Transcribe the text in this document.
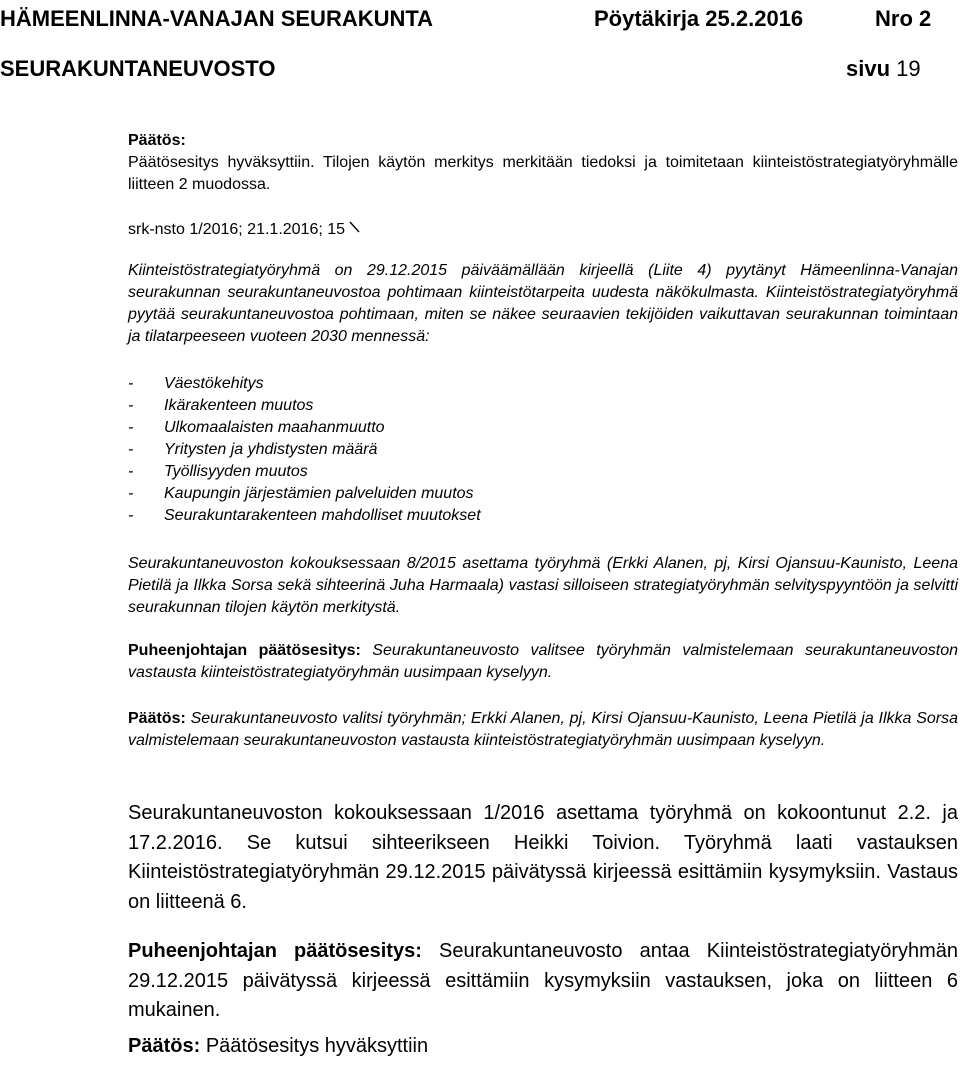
HÄMEENLINNA-VANAJAN SEURAKUNTA	Pöytäkirja 25.2.2016	Nro 2
SEURAKUNTANEUVOSTO	sivu 19

Päätös:

Päätösesitys hyväksyttiin. Tilojen käytön merkitys merkitään tiedoksi ja toimitetaan kiinteistöstrategiatyöryhmälle liitteen 2 muodossa.

srk-nsto 1/2016; 21.1.2016; 15
Kiinteistöstrategiatyöryhmä on 29.12.2015 päiväämällään kirjeellä (Liite 4) pyytänyt Hämeenlinna-Vanajan seurakunnan seurakuntaneuvostoa pohtimaan kiinteistötarpeita uudesta näkökulmasta. Kiinteistöstrategiatyöryhmä pyytää seurakuntaneuvostoa pohtimaan, miten se näkee seuraavien tekijöiden vaikuttavan seurakunnan toimintaan ja tilatarpeeseen vuoteen 2030 mennessä:
- Väestökehitys
- Ikärakenteen muutos
- Ulkomaalaisten maahanmuutto
- Yritysten ja yhdistysten määrä
- Työllisyyden muutos
- Kaupungin järjestämien palveluiden muutos
- Seurakuntarakenteen mahdolliset muutokset
Seurakuntaneuvoston kokouksessaan 8/2015 asettama työryhmä (Erkki Alanen, pj, Kirsi Ojansuu-Kaunisto, Leena Pietilä ja Ilkka Sorsa sekä sihteerinä Juha Harmaala) vastasi silloiseen strategiatyöryhmän selvityspyyntöön ja selvitti seurakunnan tilojen käytön merkitystä.
Puheenjohtajan päätösesitys: Seurakuntaneuvosto valitsee työryhmän valmistelemaan seurakuntaneuvoston vastausta kiinteistöstrategiatyöryhmän uusimpaan kyselyyn.
Päätös: Seurakuntaneuvosto valitsi työryhmän; Erkki Alanen, pj, Kirsi Ojansuu-Kaunisto, Leena Pietilä ja Ilkka Sorsa valmistelemaan seurakuntaneuvoston vastausta kiinteistöstrategiatyöryhmän uusimpaan kyselyyn.
Seurakuntaneuvoston kokouksessaan 1/2016 asettama työryhmä on kokoontunut 2.2. ja 17.2.2016. Se kutsui sihteerikseen Heikki Toivion. Työryhmä laati vastauksen Kiinteistöstrategiatyöryhmän 29.12.2015 päivätyssä kirjeessä esittämiin kysymyksiin. Vastaus on liitteenä 6.
Puheenjohtajan päätösesitys: Seurakuntaneuvosto antaa Kiinteistöstrategiatyöryhmän 29.12.2015 päivätyssä kirjeessä esittämiin kysymyksiin vastauksen, joka on liitteen 6 mukainen.
Päätös: Päätösesitys hyväksyttiin
